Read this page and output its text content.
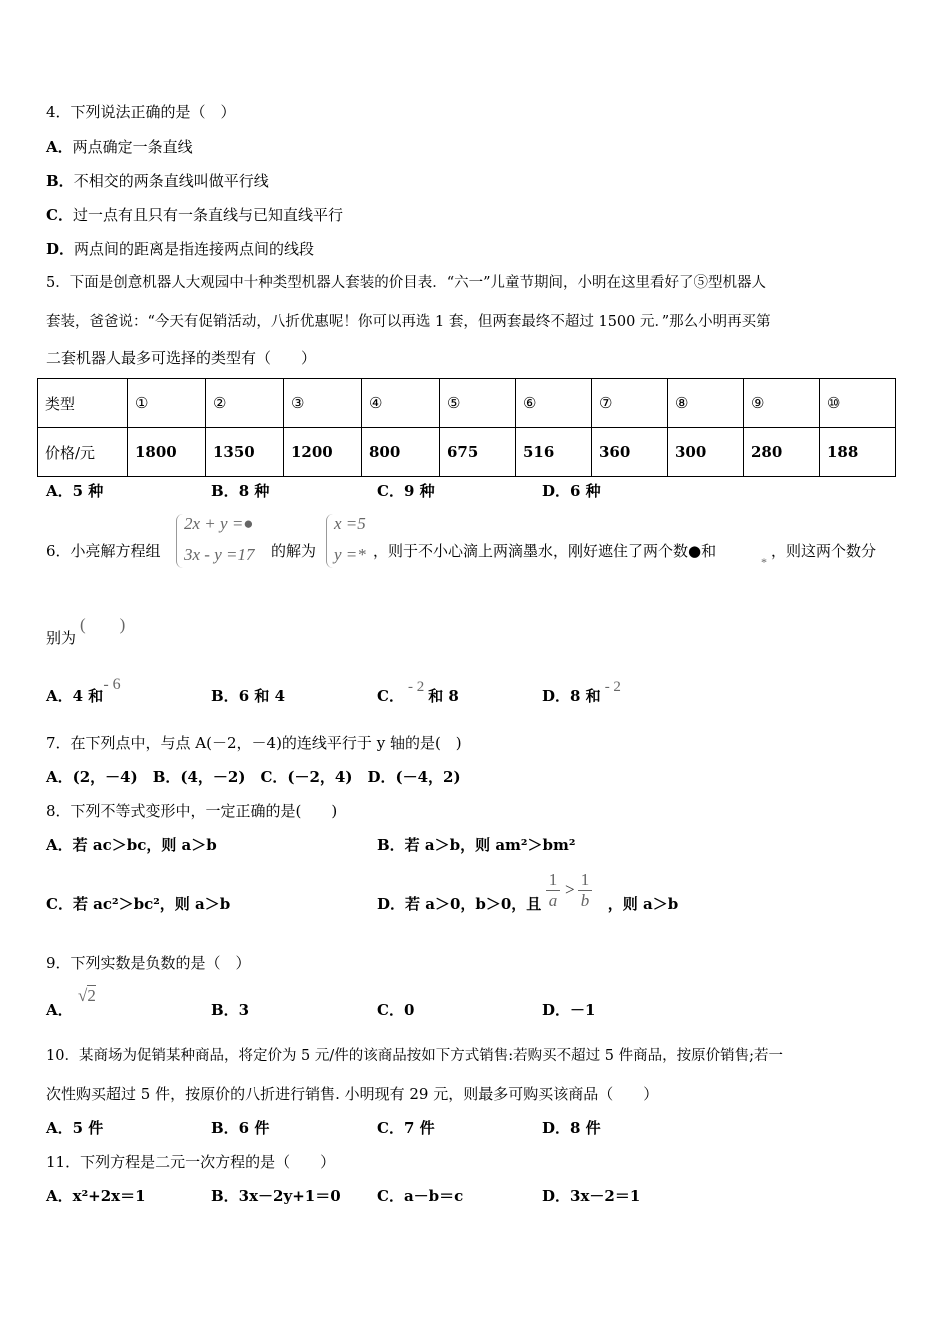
4．下列说法正确的是（　）
A．两点确定一条直线
B．不相交的两条直线叫做平行线
C．过一点有且只有一条直线与已知直线平行
D．两点间的距离是指连接两点间的线段
5．下面是创意机器人大观园中十种类型机器人套装的价目表．“六一”儿童节期间，小明在这里看好了⑤型机器人
套装，爸爸说：“今天有促销活动，八折优惠呢！你可以再选 1 套，但两套最终不超过 1500 元．”那么小明再买第
二套机器人最多可选择的类型有（　　）
类型	①	②	③	④	⑤	⑥	⑦	⑧	⑨	⑩
价格/元	1800	1350	1200	800	675	516	360	300	280	188
A．5 种	B．8 种	C．9 种	D．6 种
6．小亮解方程组
2x + y =●
3x - y =17 的解为
x =5
y =* ，则于不小心滴上两滴墨水，刚好遮住了两个数●和
*
，则这两个数分
别为
(　　)
A．4 和- 6
B．6 和 4	C． - 2 和 8	D．8 和 - 2
7．在下列点中，与点 A(－2，－4)的连线平行于 y 轴的是(　)
A．(2，－4)　B．(4，－2)　C．(－2，4)　D．(－4，2)
8．下列不等式变形中，一定正确的是(　　)
A．若 ac＞bc，则 a＞b	B．若 a＞b，则 am²＞bm²
C．若 ac²＞bc²，则 a＞b	D．若 a＞0，b＞0，且	，则 a＞b
$\frac{1}{a} > \frac{1}{b}$
9．下列实数是负数的是（　）
A．
√2
B．3	C．0	D．－1
10．某商场为促销某种商品，将定价为 5 元/件的该商品按如下方式销售:若购买不超过 5 件商品，按原价销售;若一
次性购买超过 5 件，按原价的八折进行销售. 小明现有 29 元，则最多可购买该商品（　　）
A．5 件	B．6 件	C．7 件	D．8 件
11．下列方程是二元一次方程的是（　　）
A．x²+2x＝1	B．3x－2y+1＝0 C．a－b＝c	D．3x－2＝1
